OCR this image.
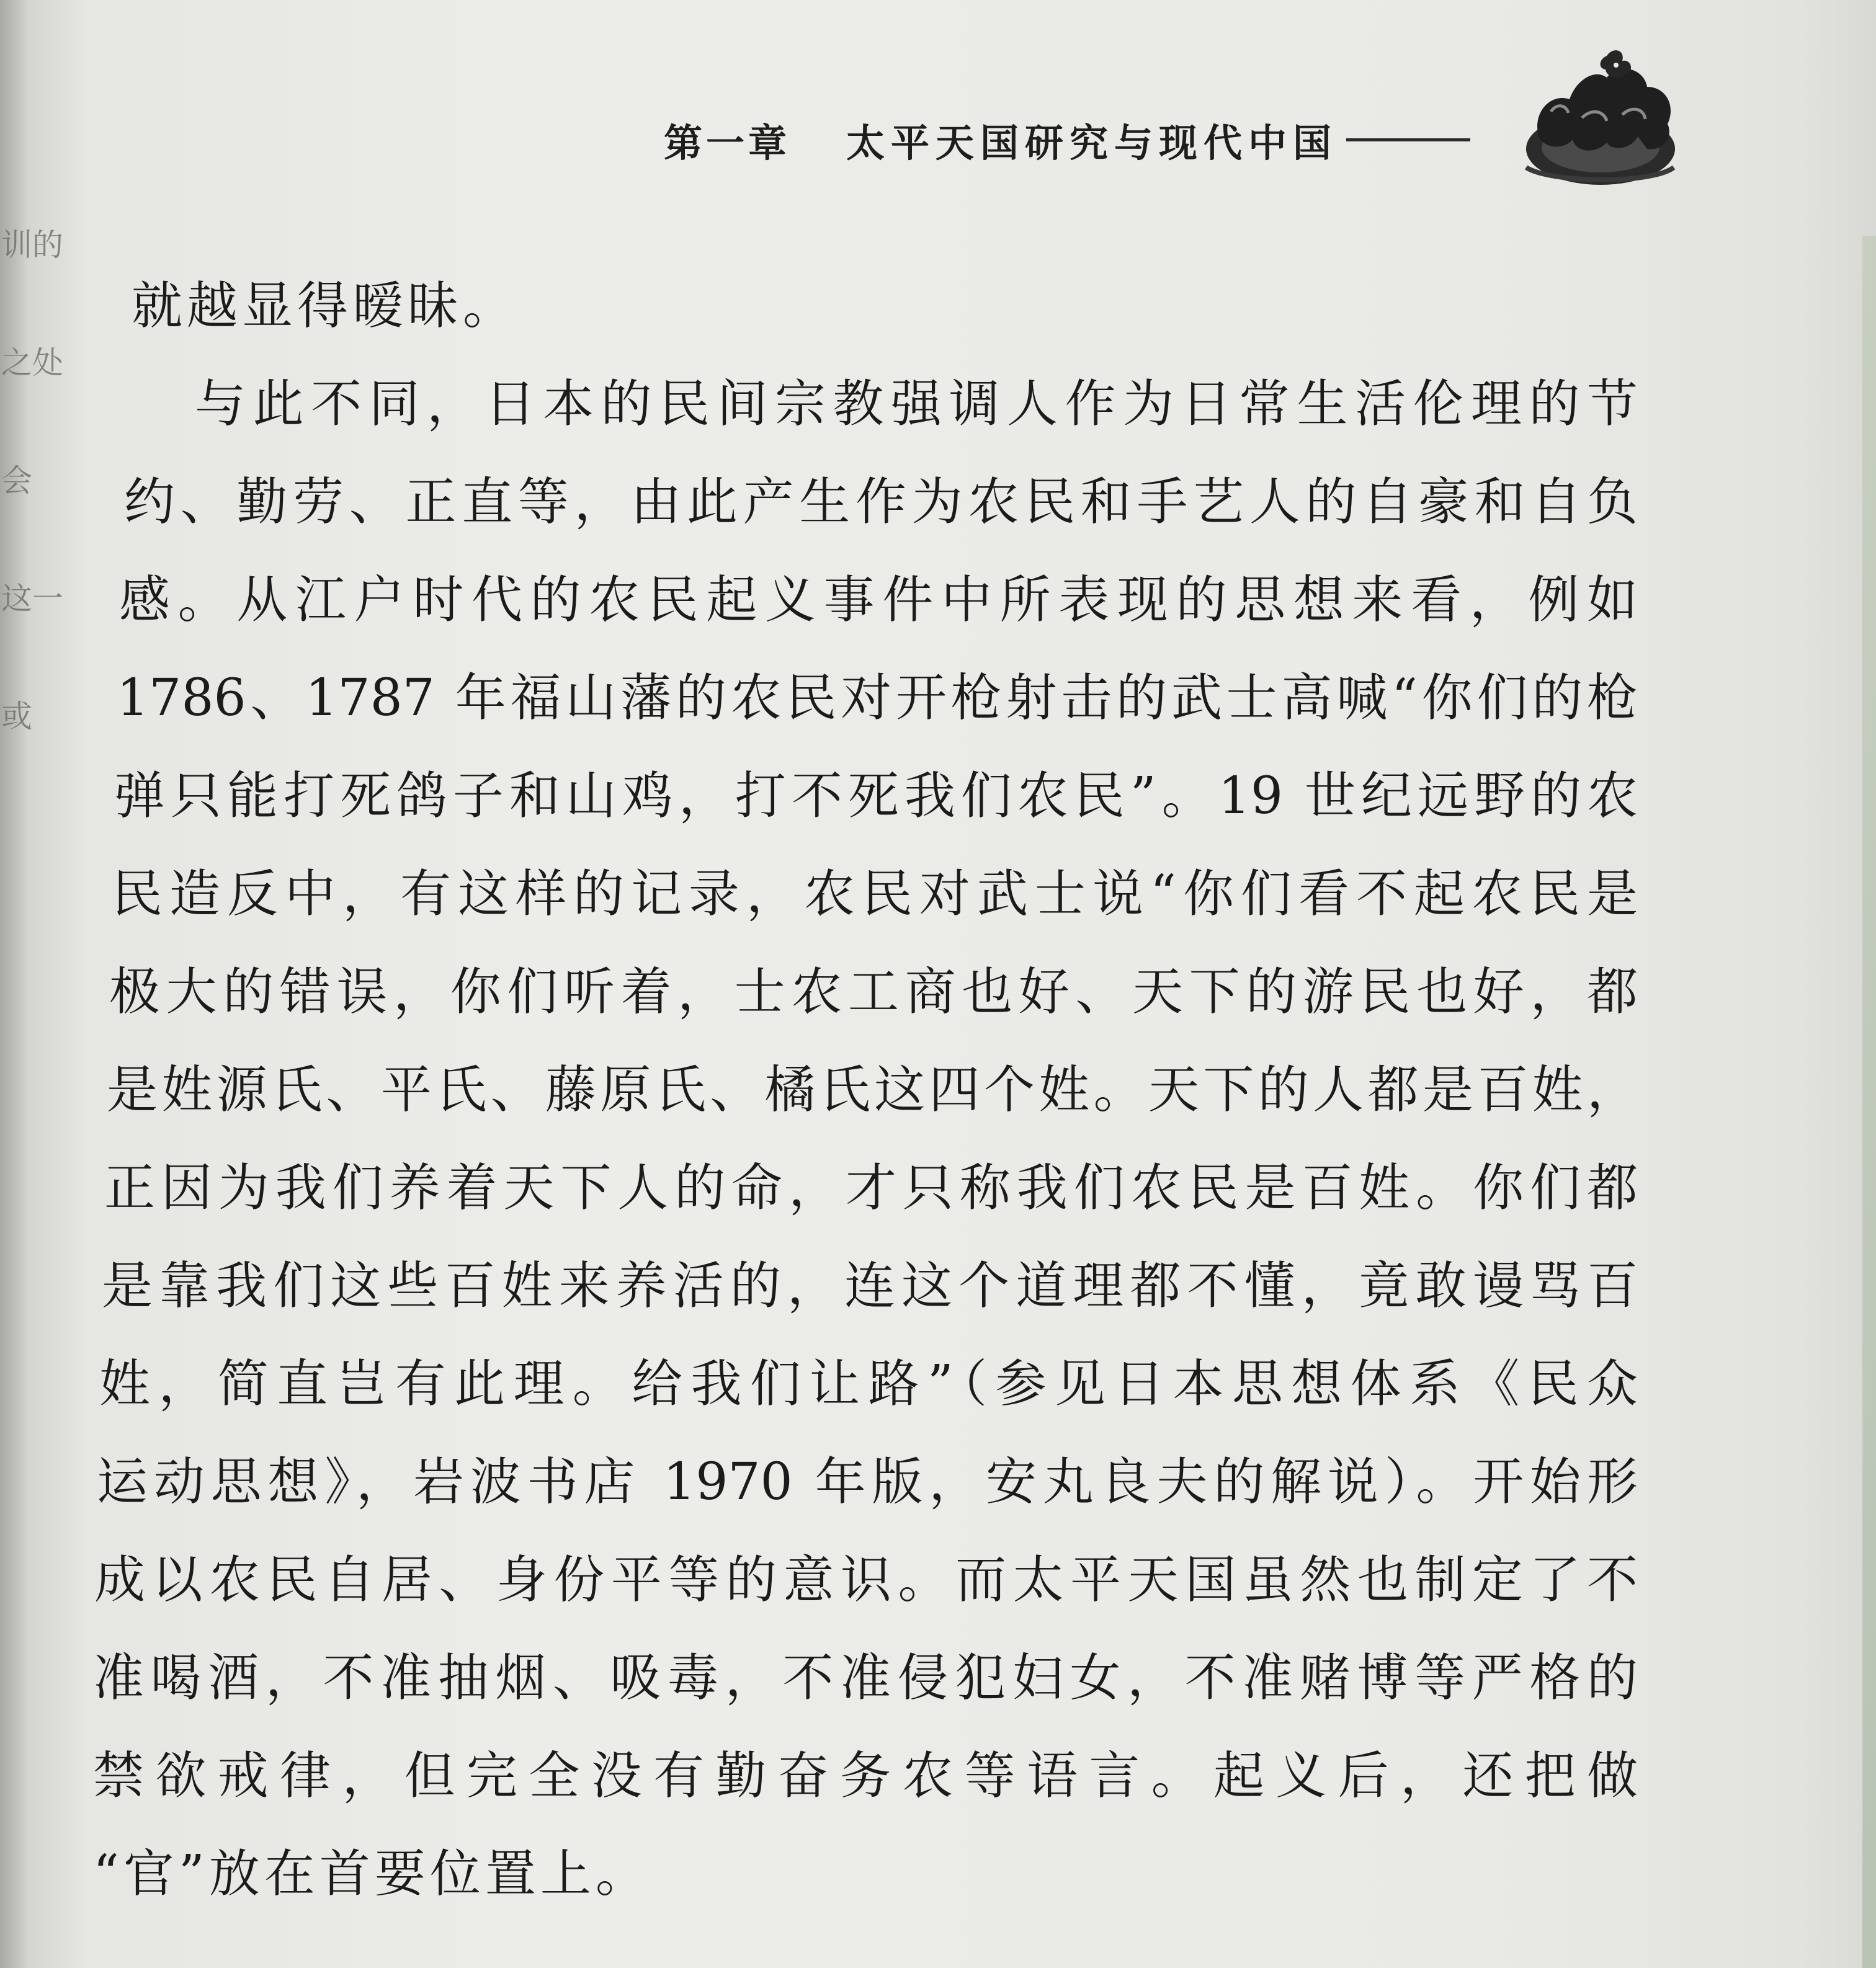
训的
之处
会
这一
或
第一章 太平天国研究与现代中国
就越显得暧昧。
与此不同，日本的民间宗教强调人作为日常生活伦理的节
约、勤劳、正直等，由此产生作为农民和手艺人的自豪和自负
感。从江户时代的农民起义事件中所表现的思想来看，例如
1786、1787 年福山藩的农民对开枪射击的武士高喊“你们的枪
弹只能打死鸽子和山鸡，打不死我们农民”。19 世纪远野的农
民造反中，有这样的记录，农民对武士说“你们看不起农民是
极大的错误，你们听着，士农工商也好、天下的游民也好，都
是姓源氏、平氏、藤原氏、橘氏这四个姓。天下的人都是百姓，
正因为我们养着天下人的命，才只称我们农民是百姓。你们都
是靠我们这些百姓来养活的，连这个道理都不懂，竟敢谩骂百
姓，简直岂有此理。给我们让路”（参见日本思想体系《民众
运动思想》，岩波书店 1970 年版，安丸良夫的解说）。开始形
成以农民自居、身份平等的意识。而太平天国虽然也制定了不
准喝酒，不准抽烟、吸毒，不准侵犯妇女，不准赌博等严格的
禁欲戒律，但完全没有勤奋务农等语言。起义后，还把做
“官”放在首要位置上。
